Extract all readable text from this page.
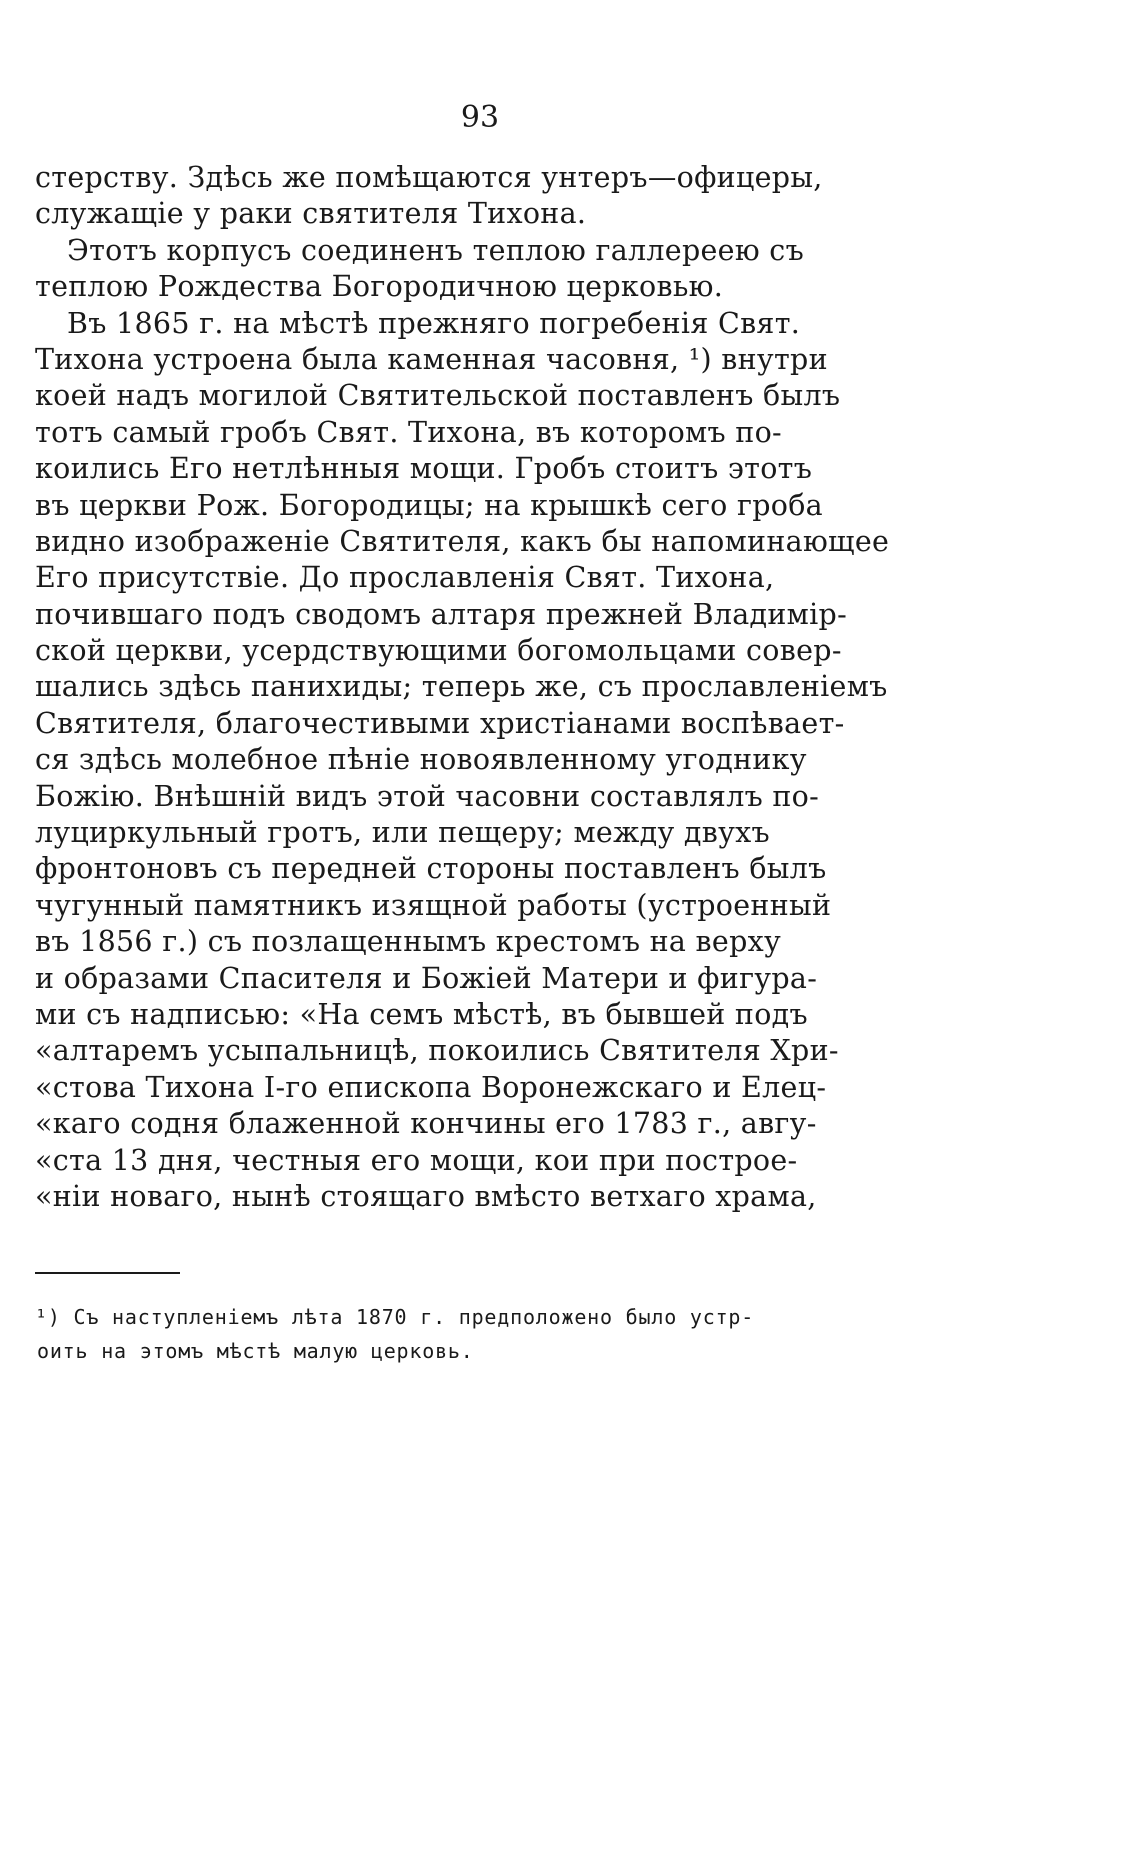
93
стерству. Здѣсь же помѣщаются унтеръ—офицеры,
служащіе у раки святителя Тихона.
Этотъ корпусъ соединенъ теплою галлереею съ
теплою Рождества Богородичною церковью.
Въ 1865 г. на мѣстѣ прежняго погребенія Свят.
Тихона устроена была каменная часовня, ¹) внутри
коей надъ могилой Святительской поставленъ былъ
тотъ самый гробъ Свят. Тихона, въ которомъ по-
коились Его нетлѣнныя мощи. Гробъ стоитъ этотъ
въ церкви Рож. Богородицы; на крышкѣ сего гроба
видно изображеніе Святителя, какъ бы напоминающее
Его присутствіе. До прославленія Свят. Тихона,
почившаго подъ сводомъ алтаря прежней Владимір-
ской церкви, усердствующими богомольцами совер-
шались здѣсь панихиды; теперь же, съ прославленіемъ
Святителя, благочестивыми христіанами воспѣвает-
ся здѣсь молебное пѣніе новоявленному угоднику
Божію. Внѣшній видъ этой часовни составлялъ по-
луциркульный гротъ, или пещеру; между двухъ
фронтоновъ съ передней стороны поставленъ былъ
чугунный памятникъ изящной работы (устроенный
въ 1856 г.) съ позлащеннымъ крестомъ на верху
и образами Спасителя и Божіей Матери и фигура-
ми съ надписью: «На семъ мѣстѣ, въ бывшей подъ
«алтаремъ усыпальницѣ, покоились Святителя Хри-
«стова Тихона І-го епископа Воронежскаго и Елец-
«каго содня блаженной кончины его 1783 г., авгу-
«ста 13 дня, честныя его мощи, кои при построе-
«ніи новаго, нынѣ стоящаго вмѣсто ветхаго храма,
¹) Съ наступленіемъ лѣта 1870 г. предположено было устр-
оить на этомъ мѣстѣ малую церковь.
